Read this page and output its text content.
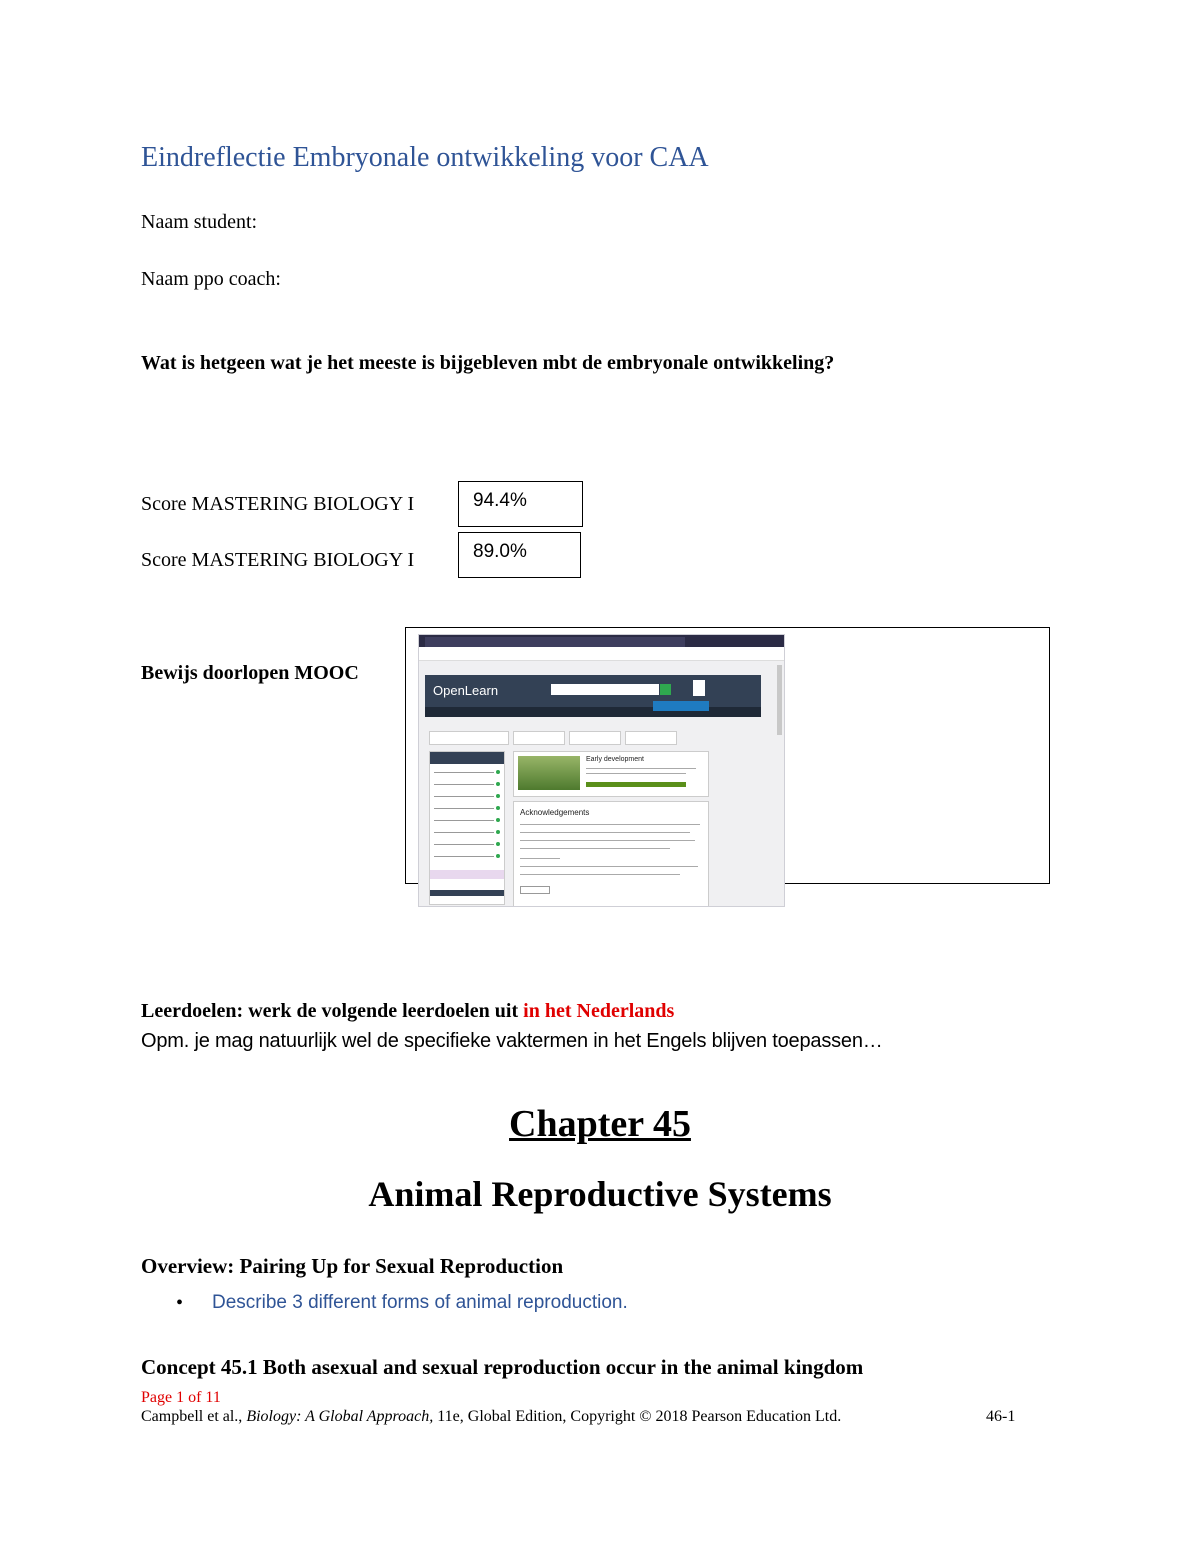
Eindreflectie Embryonale ontwikkeling voor CAA
Naam student:
Naam ppo coach:
Wat is hetgeen wat je het meeste is bijgebleven mbt de embryonale ontwikkeling?
Score MASTERING BIOLOGY I	94.4%
Score MASTERING BIOLOGY I	89.0%
Bewijs doorlopen MOOC
OpenLearn
Early development
Acknowledgements
Leerdoelen: werk de volgende leerdoelen uit in het Nederlands
Opm. je mag natuurlijk wel de specifieke vaktermen in het Engels blijven toepassen…
Chapter 45
Animal Reproductive Systems
Overview: Pairing Up for Sexual Reproduction
• Describe 3 different forms of animal reproduction.
Concept 45.1 Both asexual and sexual reproduction occur in the animal kingdom
Page 1 of 11
Campbell et al., Biology: A Global Approach, 11e, Global Edition, Copyright © 2018 Pearson Education Ltd.	46-1
